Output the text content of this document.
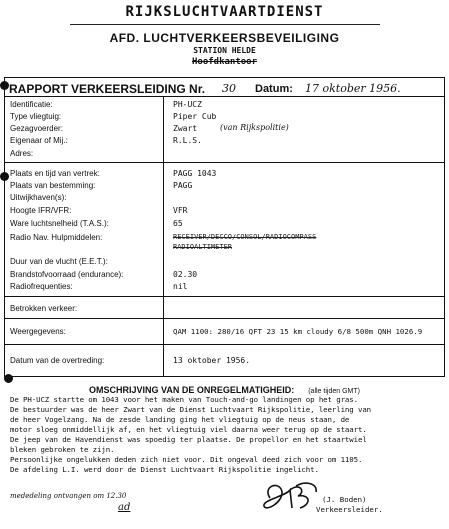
RIJKSLUCHTVAARTDIENST
AFD. LUCHTVERKEERSBEVEILIGING
STATION HELDE
Hoofdkantoor
RAPPORT VERKEERSLEIDING Nr. 30 Datum: 17 oktober 1956.
Identificatie:	PH-UCZ
Type vliegtuig:	Piper Cub
Gezagvoerder:	Zwart	(van Rijkspolitie)
Eigenaar of Mij.:	R.L.S.
Adres:
Plaats en tijd van vertrek:	PAGG 1043
Plaats van bestemming:	PAGG
Uitwijkhaven(s):
Hoogte IFR/VFR:	VFR
Ware luchtsnelheid (T.A.S.):	65
Radio Nav. Hulpmiddelen:	RECEIVER/DECCO/CONSOL/RADIOCOMPASS
RADIOALTIMETER
Duur van de vlucht (E.E.T.):
Brandstofvoorraad (endurance):	02.30
Radiofrequenties:	nil
Betrokken verkeer:
Weergegevens:	QAM 1100: 280/16 QFT 23 15 km cloudy 6/8 500m QNH 1026.9
Datum van de overtreding:	13 oktober 1956.
OMSCHRIJVING VAN DE ONREGELMATIGHEID: (alle tijden GMT)
De PH-UCZ startte om 1043 voor het maken van Touch-and-go landingen op het gras.
De bestuurder was de heer Zwart van de Dienst Luchtvaart Rijkspolitie, leerling van
de heer Vogelzang. Na de zesde landing ging het vliegtuig op de neus staan, de
motor sloeg onmiddellijk af, en het vliegtuig viel daarna weer terug op de staart.
De jeep van de Havendienst was spoedig ter plaatse. De propellor en het staartwiel
bleken gebroken te zijn.
Persoonlijke ongelukken deden zich niet voor. Dit ongeval deed zich voor om 1105.
De afdeling L.I. werd door de Dienst Luchtvaart Rijkspolitie ingelicht.
mededeling ontvangen om 12.30
ad
(J. Boden)
Verkeersleider.
